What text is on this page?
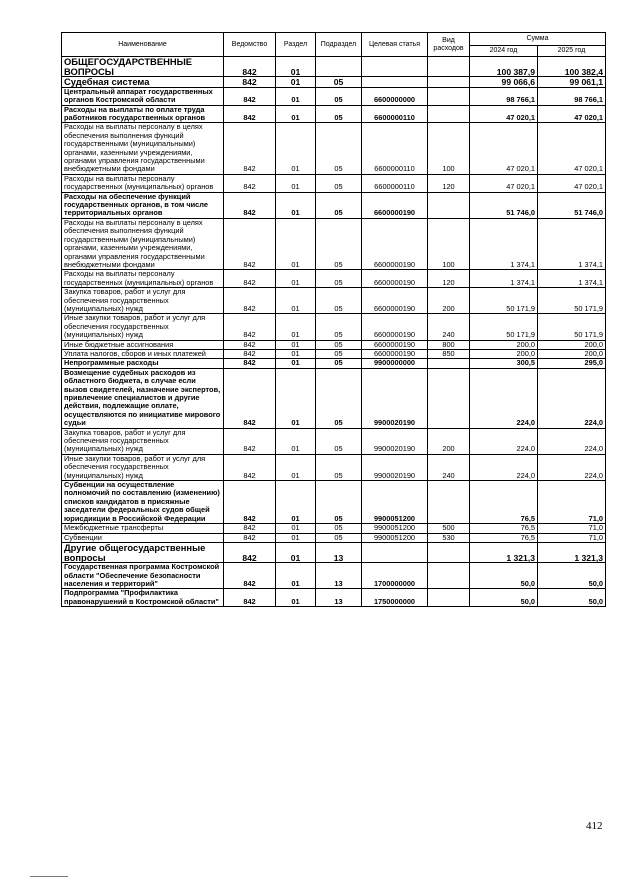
Наименование	Ведомство	Раздел	Подраздел	Целевая статья	Вид расходов	Сумма	
						2024 год	2025 год
ОБЩЕГОСУДАРСТВЕННЫЕ ВОПРОСЫ	842	01				100 387,9	100 382,4
Судебная система	842	01	05			99 066,6	99 061,1
Центральный аппарат государственных органов Костромской области	842	01	05	6600000000		98 766,1	98 766,1
Расходы на выплаты по оплате труда работников государственных органов	842	01	05	6600000110		47 020,1	47 020,1
Расходы на выплаты персоналу в целях обеспечения выполнения функций государственными (муниципальными) органами, казенными учреждениями, органами управления государственными внебюджетными фондами	842	01	05	6600000110	100	47 020,1	47 020,1
Расходы на выплаты персоналу государственных (муниципальных) органов	842	01	05	6600000110	120	47 020,1	47 020,1
Расходы на обеспечение функций государственных органов, в том числе территориальных органов	842	01	05	6600000190		51 746,0	51 746,0
Расходы на выплаты персоналу в целях обеспечения выполнения функций государственными (муниципальными) органами, казенными учреждениями, органами управления государственными внебюджетными фондами	842	01	05	6600000190	100	1 374,1	1 374,1
Расходы на выплаты персоналу государственных (муниципальных) органов	842	01	05	6600000190	120	1 374,1	1 374,1
Закупка товаров, работ и услуг для обеспечения государственных (муниципальных) нужд	842	01	05	6600000190	200	50 171,9	50 171,9
Иные закупки товаров, работ и услуг для обеспечения государственных (муниципальных) нужд	842	01	05	6600000190	240	50 171,9	50 171,9
Иные бюджетные ассигнования	842	01	05	6600000190	800	200,0	200,0
Уплата налогов, сборов и иных платежей	842	01	05	6600000190	850	200,0	200,0
Непрограммные расходы	842	01	05	9900000000		300,5	295,0
Возмещение судебных расходов из областного бюджета, в случае если вызов свидетелей, назначение экспертов, привлечение специалистов и другие действия, подлежащие оплате, осуществляются по инициативе мирового судьи	842	01	05	9900020190		224,0	224,0
Закупка товаров, работ и услуг для обеспечения государственных (муниципальных) нужд	842	01	05	9900020190	200	224,0	224,0
Иные закупки товаров, работ и услуг для обеспечения государственных (муниципальных) нужд	842	01	05	9900020190	240	224,0	224,0
Субвенции на осуществление полномочий по составлению (изменению) списков кандидатов в присяжные заседатели федеральных судов общей юрисдикции в Российской Федерации	842	01	05	9900051200		76,5	71,0
Межбюджетные трансферты	842	01	05	9900051200	500	76,5	71,0
Субвенции	842	01	05	9900051200	530	76,5	71,0
Другие общегосударственные вопросы	842	01	13			1 321,3	1 321,3
Государственная программа Костромской области "Обеспечение безопасности населения и территорий"	842	01	13	1700000000		50,0	50,0
Подпрограмма "Профилактика правонарушений в Костромской области"	842	01	13	1750000000		50,0	50,0
412
